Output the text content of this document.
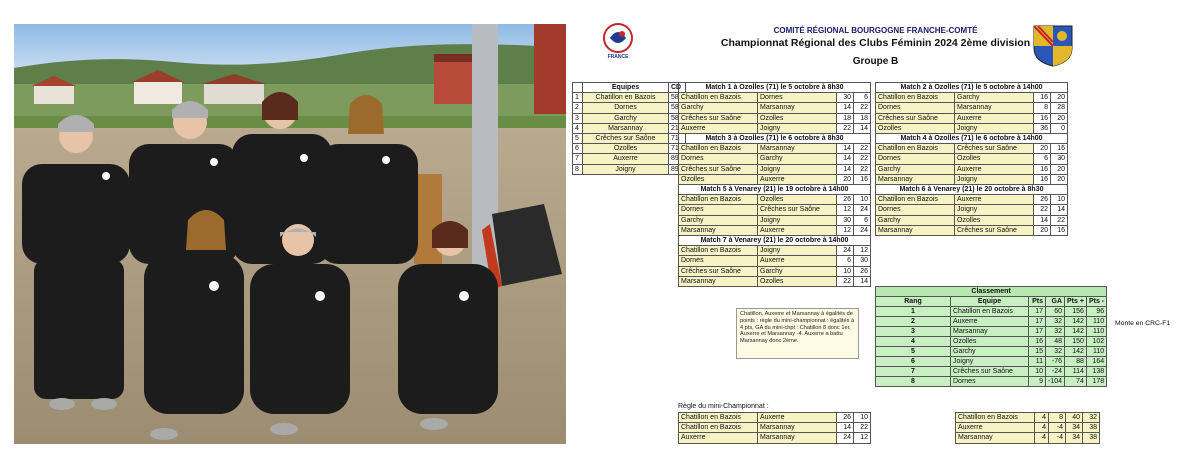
FRANCE
COMITÉ RÉGIONAL BOURGOGNE FRANCHE-COMTÉ
Championnat Régional des Clubs Féminin 2024 2ème division
Groupe B
	Equipes	CD
1	Chatillon en Bazois	58
2	Dornes	58
3	Garchy	58
4	Marsannay	21
5	Crêches sur Saône	71
6	Ozolles	71
7	Auxerre	89
8	Joigny	89
Match 1 à Ozolles (71) le 5 octobre à 8h30			
Chatillon en Bazois	Dornes	30	6
Garchy	Marsannay	14	22
Crêches sur Saône	Ozolles	18	18
Auxerre	Joigny	22	14
Match 2 à Ozolles (71) le 5 octobre à 14h00			
Chatillon en Bazois	Garchy	16	20
Dornes	Marsannay	8	28
Crêches sur Saône	Auxerre	16	20
Ozolles	Joigny	36	0
Match 3 à Ozolles (71) le 6 octobre à 8h30			
Chatillon en Bazois	Marsannay	14	22
Dornes	Garchy	14	22
Crêches sur Saône	Joigny	14	22
Ozolles	Auxerre	20	16
Match 4 à Ozolles (71) le 6 octobre à 14h00			
Chatillon en Bazois	Crêches sur Saône	20	16
Dornes	Ozolles	6	30
Garchy	Auxerre	16	20
Marsannay	Joigny	16	20
Match 5 à Venarey (21) le 19 octobre à 14h00			
Chatillon en Bazois	Ozolles	26	10
Dornes	Crêches sur Saône	12	24
Garchy	Joigny	30	6
Marsannay	Auxerre	12	24
Match 6 à Venarey (21) le 20 octobre à 8h30			
Chatillon en Bazois	Auxerre	26	10
Dornes	Joigny	22	14
Garchy	Ozolles	14	22
Marsannay	Crêches sur Saône	20	16
Match 7 à Venarey (21) le 20 octobre à 14h00			
Chatillon en Bazois	Joigny	24	12
Dornes	Auxerre	6	30
Crêches sur Saône	Garchy	10	26
Marsannay	Ozolles	22	14
Chatillon, Auxerre et Marsannay à égalités de points : règle du mini-championnat : égalités à 4 pts, GA du mini-chpt : Chatillon 8 donc 1er, Auxerre et Marsannay -4. Auxerre a battu Marsannay donc 2ème.
Classement					
Rang	Equipe	Pts	GA	Pts +	Pts -
1	Chatillon en Bazois	17	60	156	96
2	Auxerre	17	32	142	110
3	Marsannay	17	32	142	110
4	Ozolles	16	48	150	102
5	Garchy	15	32	142	110
6	Joigny	11	-76	88	164
7	Crêches sur Saône	10	-24	114	138
8	Dornes	9	-104	74	178
Monte en CRC-F1
Règle du mini-Championnat :
Chatillon en Bazois	Auxerre	26	10
Chatillon en Bazois	Marsannay	14	22
Auxerre	Marsannay	24	12
Chatillon en Bazois	4	8	40	32
Auxerre	4	-4	34	38
Marsannay	4	-4	34	38
